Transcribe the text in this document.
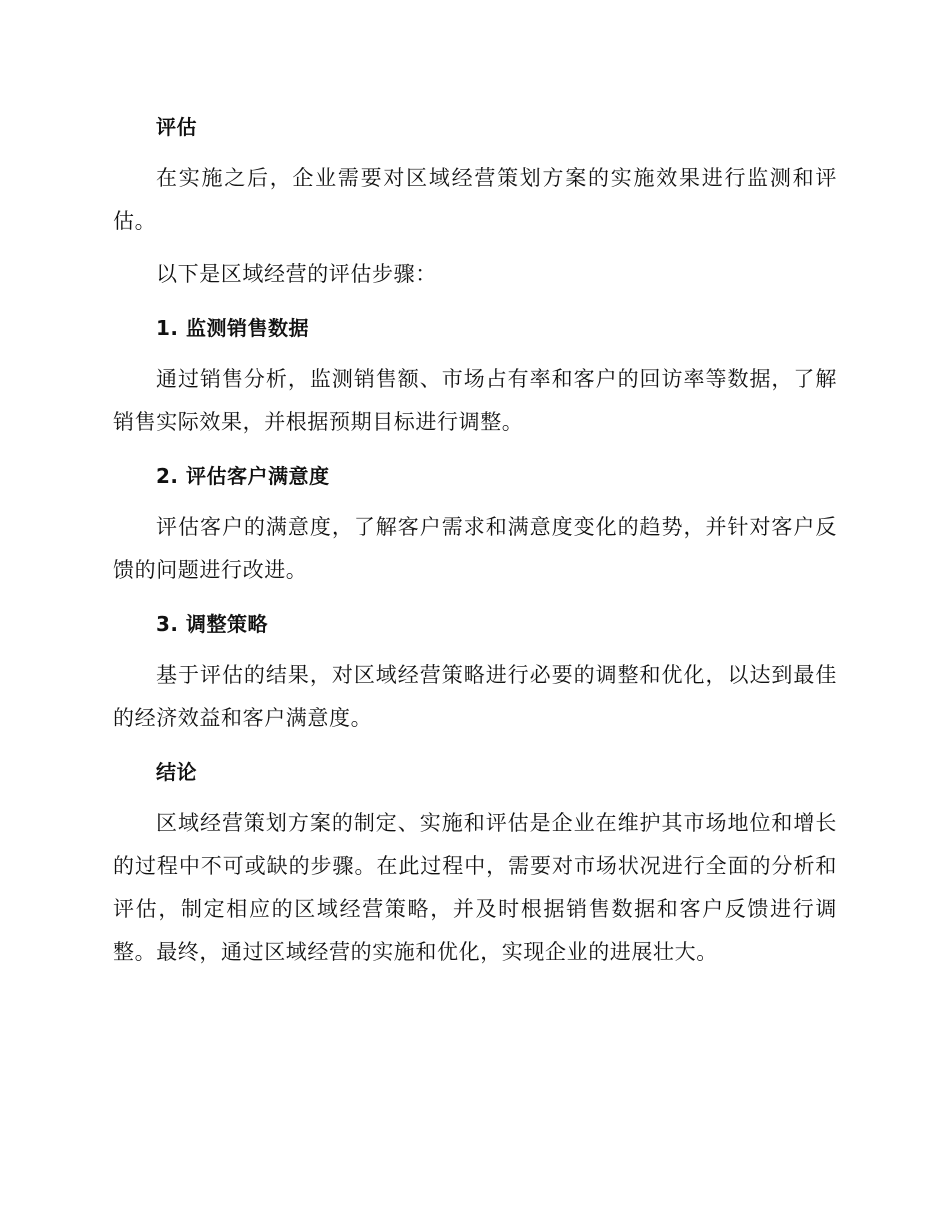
评估
在实施之后，企业需要对区域经营策划方案的实施效果进行监测和评估。
以下是区域经营的评估步骤：
1. 监测销售数据
通过销售分析，监测销售额、市场占有率和客户的回访率等数据，了解销售实际效果，并根据预期目标进行调整。
2. 评估客户满意度
评估客户的满意度，了解客户需求和满意度变化的趋势，并针对客户反馈的问题进行改进。
3. 调整策略
基于评估的结果，对区域经营策略进行必要的调整和优化，以达到最佳的经济效益和客户满意度。
结论
区域经营策划方案的制定、实施和评估是企业在维护其市场地位和增长的过程中不可或缺的步骤。在此过程中，需要对市场状况进行全面的分析和评估，制定相应的区域经营策略，并及时根据销售数据和客户反馈进行调整。最终，通过区域经营的实施和优化，实现企业的进展壮大。
